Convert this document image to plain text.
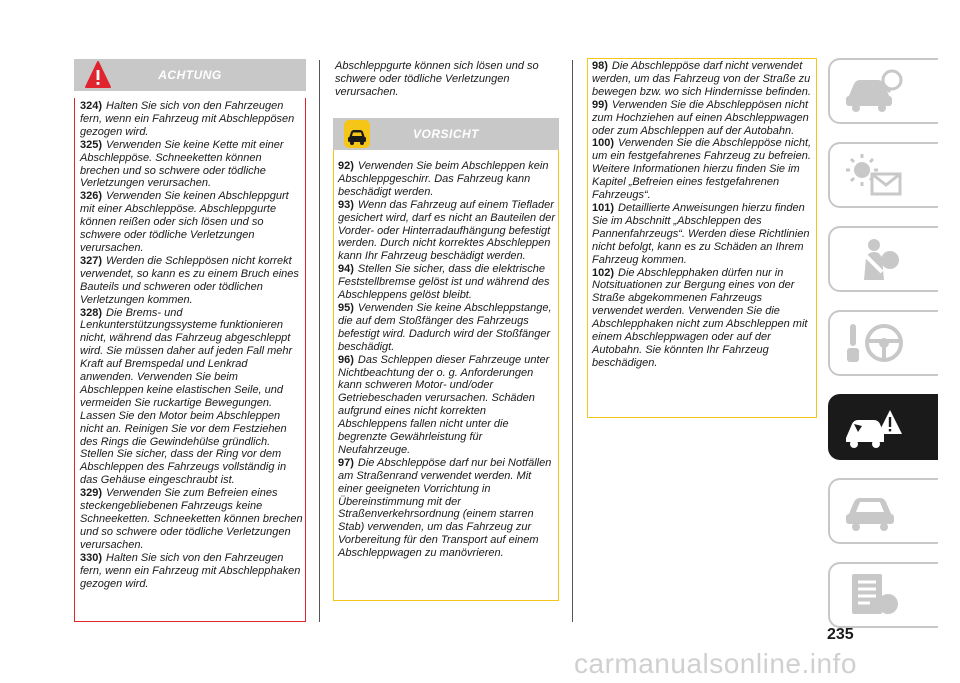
ACHTUNG

324) Halten Sie sich von den Fahrzeugen fern, wenn ein Fahrzeug mit Abschleppösen gezogen wird.

325) Verwenden Sie keine Kette mit einer Abschleppöse. Schneeketten können brechen und so schwere oder tödliche Verletzungen verursachen.

326) Verwenden Sie keinen Abschleppgurt mit einer Abschleppöse. Abschleppgurte können reißen oder sich lösen und so schwere oder tödliche Verletzungen verursachen.

327) Werden die Schleppösen nicht korrekt verwendet, so kann es zu einem Bruch eines Bauteils und schweren oder tödlichen Verletzungen kommen.

328) Die Brems- und Lenkunterstützungssysteme funktionieren nicht, während das Fahrzeug abgeschleppt wird. Sie müssen daher auf jeden Fall mehr Kraft auf Bremspedal und Lenkrad anwenden. Verwenden Sie beim Abschleppen keine elastischen Seile, und vermeiden Sie ruckartige Bewegungen. Lassen Sie den Motor beim Abschleppen nicht an. Reinigen Sie vor dem Festziehen des Rings die Gewindehülse gründlich. Stellen Sie sicher, dass der Ring vor dem Abschleppen des Fahrzeugs vollständig in das Gehäuse eingeschraubt ist.

329) Verwenden Sie zum Befreien eines steckengebliebenen Fahrzeugs keine Schneeketten. Schneeketten können brechen und so schwere oder tödliche Verletzungen verursachen.

330) Halten Sie sich von den Fahrzeugen fern, wenn ein Fahrzeug mit Abschlepphaken gezogen wird.

Abschleppgurte können sich lösen und so schwere oder tödliche Verletzungen verursachen.

VORSICHT

92) Verwenden Sie beim Abschleppen kein Abschleppgeschirr. Das Fahrzeug kann beschädigt werden.

93) Wenn das Fahrzeug auf einem Tieflader gesichert wird, darf es nicht an Bauteilen der Vorder- oder Hinterradaufhängung befestigt werden. Durch nicht korrektes Abschleppen kann Ihr Fahrzeug beschädigt werden.

94) Stellen Sie sicher, dass die elektrische Feststellbremse gelöst ist und während des Abschleppens gelöst bleibt.

95) Verwenden Sie keine Abschleppstange, die auf dem Stoßfänger des Fahrzeugs befestigt wird. Dadurch wird der Stoßfänger beschädigt.

96) Das Schleppen dieser Fahrzeuge unter Nichtbeachtung der o. g. Anforderungen kann schweren Motor- und/oder Getriebeschaden verursachen. Schäden aufgrund eines nicht korrekten Abschleppens fallen nicht unter die begrenzte Gewährleistung für Neufahrzeuge.

97) Die Abschleppöse darf nur bei Notfällen am Straßenrand verwendet werden. Mit einer geeigneten Vorrichtung in Übereinstimmung mit der Straßenverkehrsordnung (einem starren Stab) verwenden, um das Fahrzeug zur Vorbereitung für den Transport auf einem Abschleppwagen zu manövrieren.

98) Die Abschleppöse darf nicht verwendet werden, um das Fahrzeug von der Straße zu bewegen bzw. wo sich Hindernisse befinden.

99) Verwenden Sie die Abschleppösen nicht zum Hochziehen auf einen Abschleppwagen oder zum Abschleppen auf der Autobahn.

100) Verwenden Sie die Abschleppöse nicht, um ein festgefahrenes Fahrzeug zu befreien. Weitere Informationen hierzu finden Sie im Kapitel „Befreien eines festgefahrenen Fahrzeugs“.

101) Detaillierte Anweisungen hierzu finden Sie im Abschnitt „Abschleppen des Pannenfahrzeugs“. Werden diese Richtlinien nicht befolgt, kann es zu Schäden an Ihrem Fahrzeug kommen.

102) Die Abschlepphaken dürfen nur in Notsituationen zur Bergung eines von der Straße abgekommenen Fahrzeugs verwendet werden. Verwenden Sie die Abschlepphaken nicht zum Abschleppen mit einem Abschleppwagen oder auf der Autobahn. Sie könnten Ihr Fahrzeug beschädigen.

235
carmanualsonline.info
